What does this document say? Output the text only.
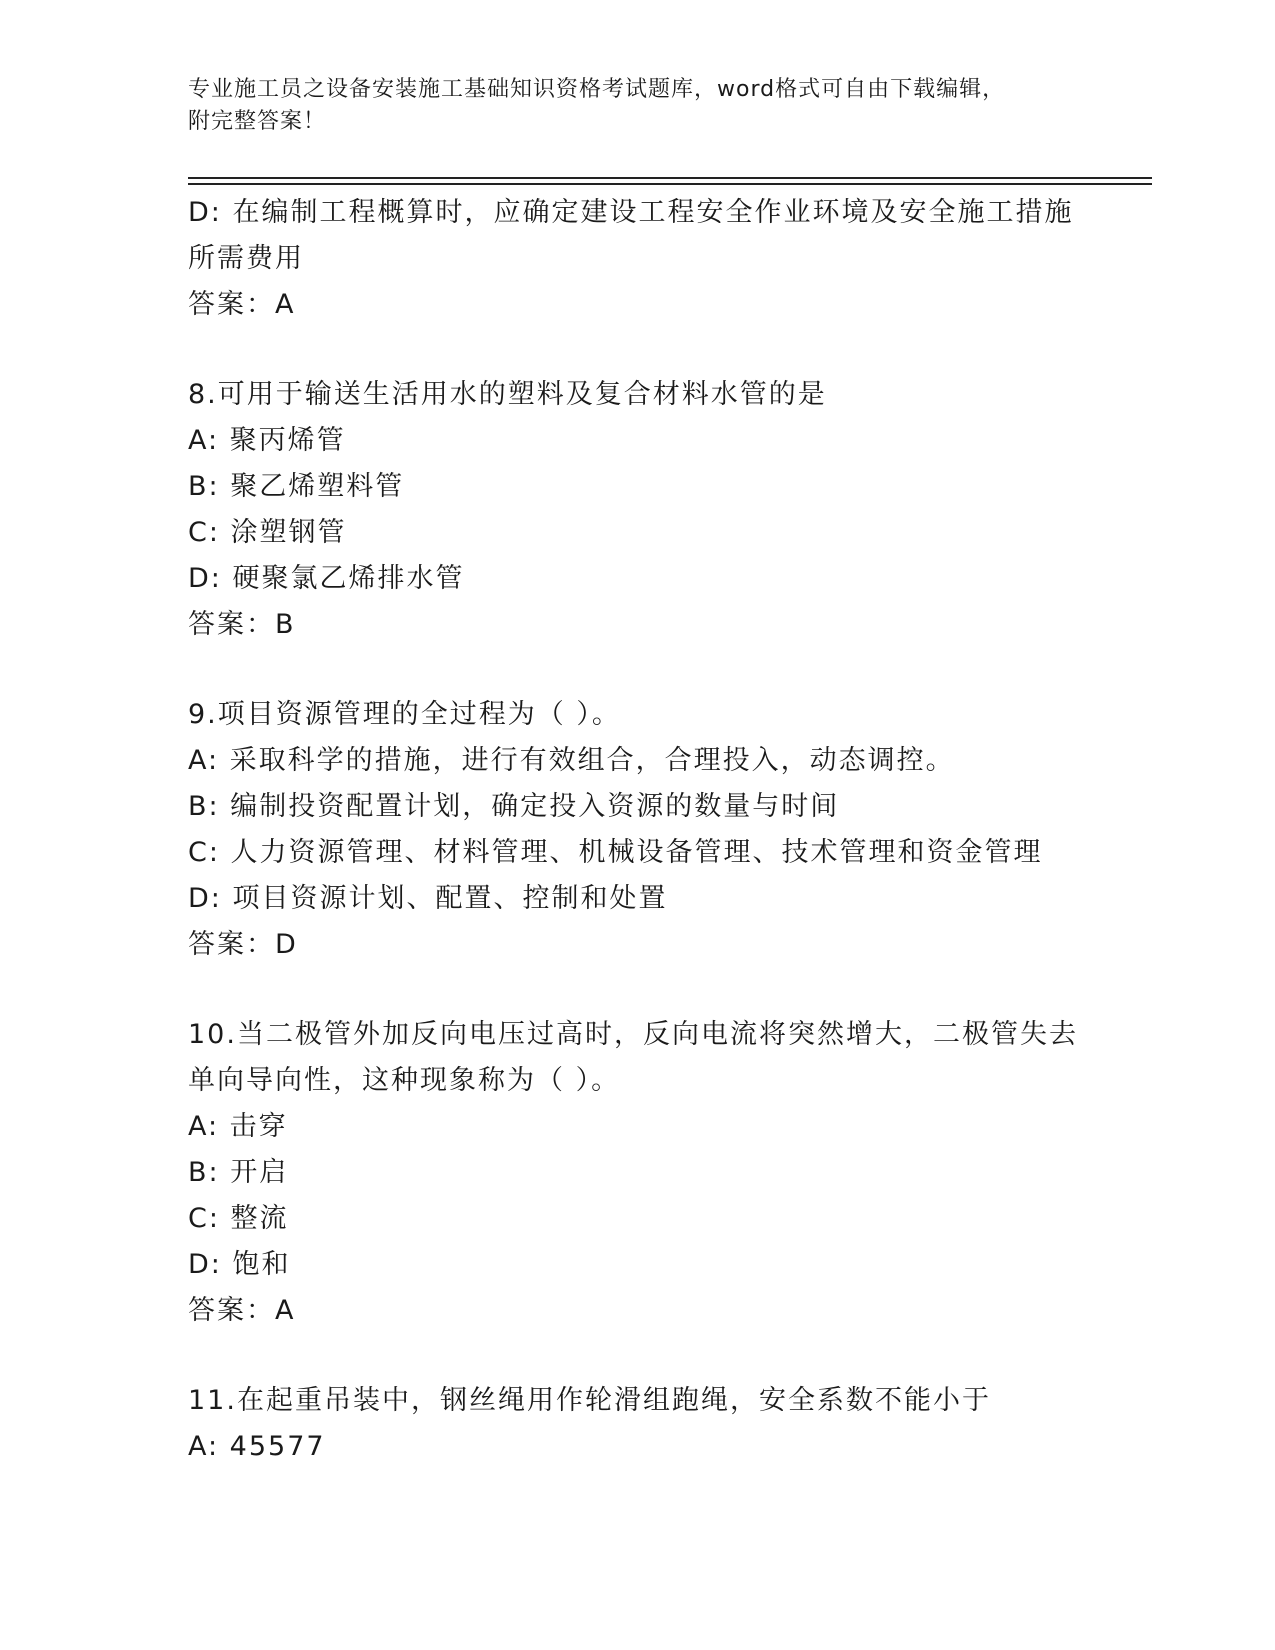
专业施工员之设备安装施工基础知识资格考试题库，word格式可自由下载编辑，
附完整答案！
D: 在编制工程概算时，应确定建设工程安全作业环境及安全施工措施
所需费用
答案：A
8.可用于输送生活用水的塑料及复合材料水管的是
A: 聚丙烯管
B: 聚乙烯塑料管
C: 涂塑钢管
D: 硬聚氯乙烯排水管
答案：B
9.项目资源管理的全过程为（ ）。
A: 采取科学的措施，进行有效组合，合理投入，动态调控。
B: 编制投资配置计划，确定投入资源的数量与时间
C: 人力资源管理、材料管理、机械设备管理、技术管理和资金管理
D: 项目资源计划、配置、控制和处置
答案：D
10.当二极管外加反向电压过高时，反向电流将突然增大，二极管失去
单向导向性，这种现象称为（ ）。
A: 击穿
B: 开启
C: 整流
D: 饱和
答案：A
11.在起重吊装中，钢丝绳用作轮滑组跑绳，安全系数不能小于
A: 45577
